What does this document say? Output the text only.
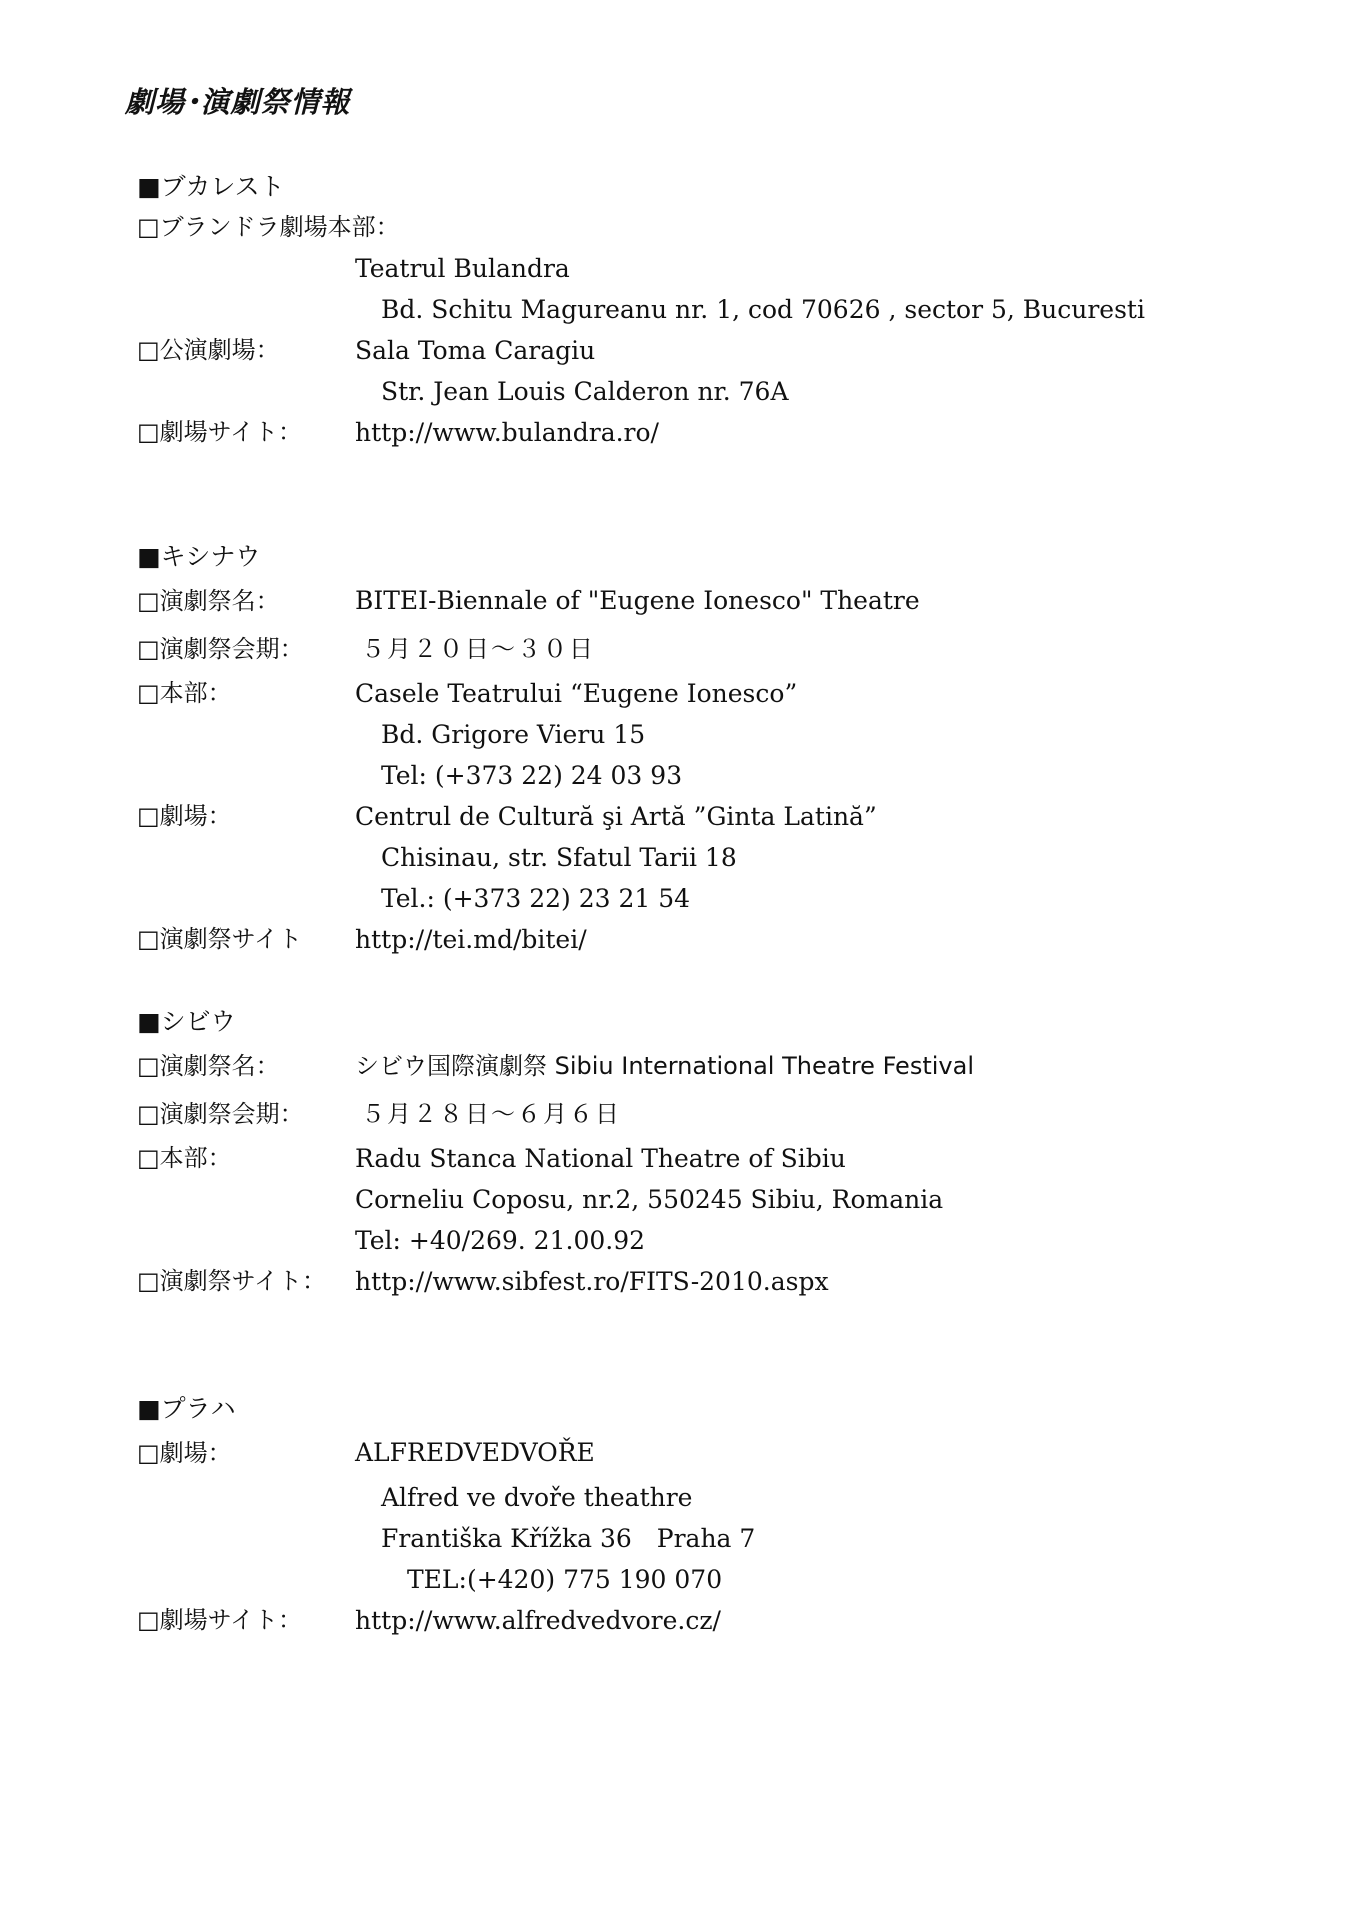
劇場･演劇祭情報
■ブカレスト
□ブランドラ劇場本部：
Teatrul Bulandra
Bd. Schitu Magureanu nr. 1, cod 70626 , sector 5, Bucuresti
□公演劇場：	Sala Toma Caragiu
Str. Jean Louis Calderon nr. 76A
□劇場サイト： http://www.bulandra.ro/
■キシナウ
□演劇祭名：	BITEI-Biennale of "Eugene Ionesco" Theatre
□演劇祭会期： ５月２０日〜３０日
□本部：	Casele Teatrului “Eugene Ionesco”
Bd. Grigore Vieru 15
Tel: (+373 22) 24 03 93
□劇場：	Centrul de Cultură şi Artă ”Ginta Latină”
Chisinau, str. Sfatul Tarii 18
Tel.: (+373 22) 23 21 54
□演劇祭サイト http://tei.md/bitei/
■シビウ
□演劇祭名：	シビウ国際演劇祭 Sibiu International Theatre Festival
□演劇祭会期： ５月２８日〜６月６日
□本部：	Radu Stanca National Theatre of Sibiu
Corneliu Coposu, nr.2, 550245 Sibiu, Romania
Tel: +40/269. 21.00.92
□演劇祭サイト： http://www.sibfest.ro/FITS-2010.aspx
■プラハ
□劇場：	ALFREDVEDVOŘE
Alfred ve dvoře theathre
Františka Křížka 36　Praha 7
TEL:(+420) 775 190 070
□劇場サイト： http://www.alfredvedvore.cz/
